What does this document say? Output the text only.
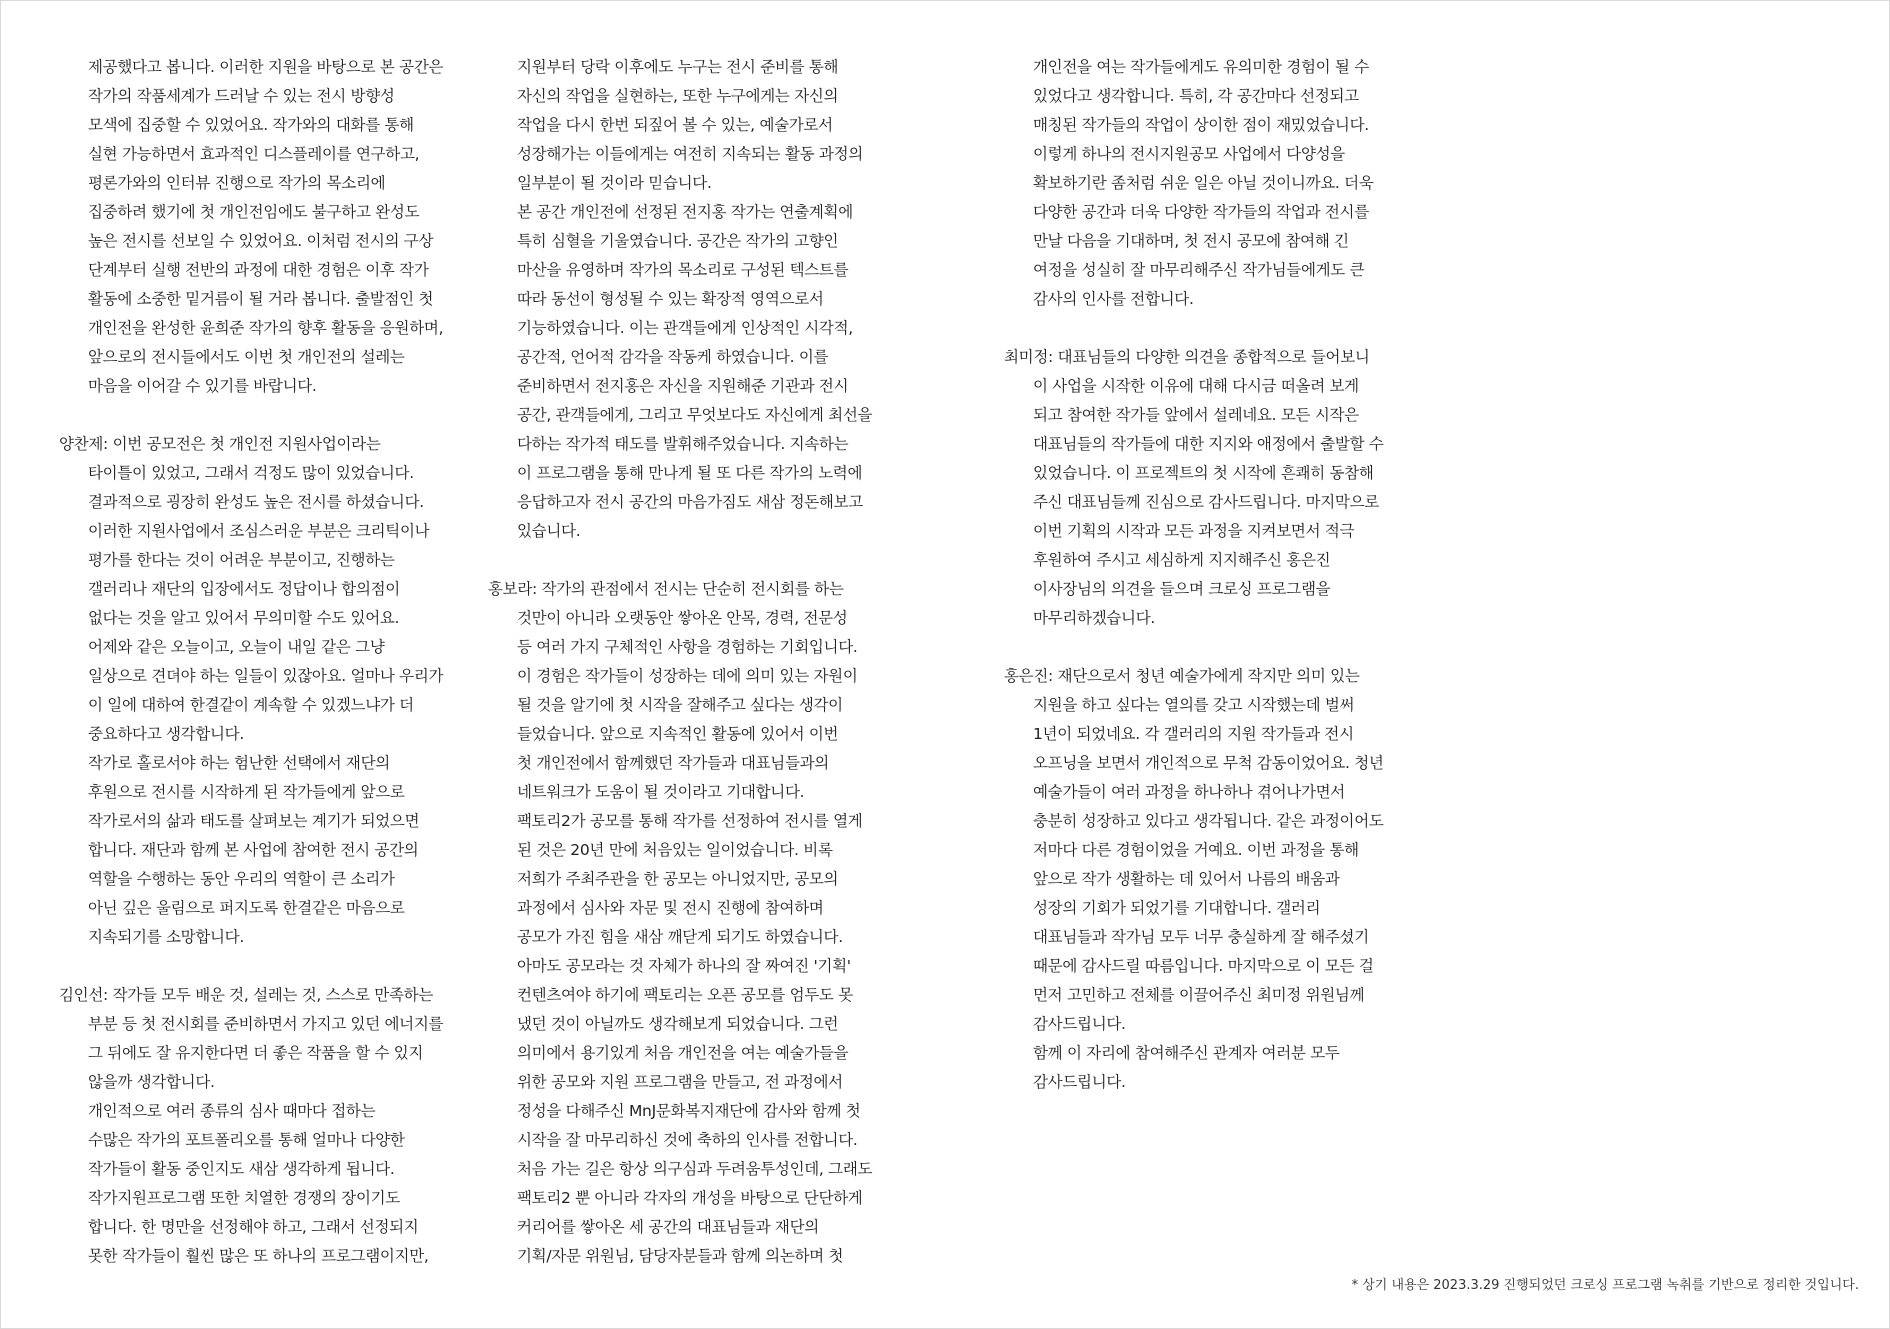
제공했다고 봅니다. 이러한 지원을 바탕으로 본 공간은
작가의 작품세계가 드러날 수 있는 전시 방향성
모색에 집중할 수 있었어요. 작가와의 대화를 통해
실현 가능하면서 효과적인 디스플레이를 연구하고,
평론가와의 인터뷰 진행으로 작가의 목소리에
집중하려 했기에 첫 개인전임에도 불구하고 완성도
높은 전시를 선보일 수 있었어요. 이처럼 전시의 구상
단계부터 실행 전반의 과정에 대한 경험은 이후 작가
활동에 소중한 밑거름이 될 거라 봅니다. 출발점인 첫
개인전을 완성한 윤희준 작가의 향후 활동을 응원하며,
앞으로의 전시들에서도 이번 첫 개인전의 설레는
마음을 이어갈 수 있기를 바랍니다.
양찬제: 이번 공모전은 첫 개인전 지원사업이라는
타이틀이 있었고, 그래서 걱정도 많이 있었습니다.
결과적으로 굉장히 완성도 높은 전시를 하셨습니다.
이러한 지원사업에서 조심스러운 부분은 크리틱이나
평가를 한다는 것이 어려운 부분이고, 진행하는
갤러리나 재단의 입장에서도 정답이나 합의점이
없다는 것을 알고 있어서 무의미할 수도 있어요.
어제와 같은 오늘이고, 오늘이 내일 같은 그냥
일상으로 견뎌야 하는 일들이 있잖아요. 얼마나 우리가
이 일에 대하여 한결같이 계속할 수 있겠느냐가 더
중요하다고 생각합니다.
작가로 홀로서야 하는 험난한 선택에서 재단의
후원으로 전시를 시작하게 된 작가들에게 앞으로
작가로서의 삶과 태도를 살펴보는 계기가 되었으면
합니다. 재단과 함께 본 사업에 참여한 전시 공간의
역할을 수행하는 동안 우리의 역할이 큰 소리가
아닌 깊은 울림으로 퍼지도록 한결같은 마음으로
지속되기를 소망합니다.
김인선: 작가들 모두 배운 것, 설레는 것, 스스로 만족하는
부분 등 첫 전시회를 준비하면서 가지고 있던 에너지를
그 뒤에도 잘 유지한다면 더 좋은 작품을 할 수 있지
않을까 생각합니다.
개인적으로 여러 종류의 심사 때마다 접하는
수많은 작가의 포트폴리오를 통해 얼마나 다양한
작가들이 활동 중인지도 새삼 생각하게 됩니다.
작가지원프로그램 또한 치열한 경쟁의 장이기도
합니다. 한 명만을 선정해야 하고, 그래서 선정되지
못한 작가들이 훨씬 많은 또 하나의 프로그램이지만,
지원부터 당락 이후에도 누구는 전시 준비를 통해
자신의 작업을 실현하는, 또한 누구에게는 자신의
작업을 다시 한번 되짚어 볼 수 있는, 예술가로서
성장해가는 이들에게는 여전히 지속되는 활동 과정의
일부분이 될 것이라 믿습니다.
본 공간 개인전에 선정된 전지홍 작가는 연출계획에
특히 심혈을 기울였습니다. 공간은 작가의 고향인
마산을 유영하며 작가의 목소리로 구성된 텍스트를
따라 동선이 형성될 수 있는 확장적 영역으로서
기능하였습니다. 이는 관객들에게 인상적인 시각적,
공간적, 언어적 감각을 작동케 하였습니다. 이를
준비하면서 전지홍은 자신을 지원해준 기관과 전시
공간, 관객들에게, 그리고 무엇보다도 자신에게 최선을
다하는 작가적 태도를 발휘해주었습니다. 지속하는
이 프로그램을 통해 만나게 될 또 다른 작가의 노력에
응답하고자 전시 공간의 마음가짐도 새삼 정돈해보고
있습니다.
홍보라: 작가의 관점에서 전시는 단순히 전시회를 하는
것만이 아니라 오랫동안 쌓아온 안목, 경력, 전문성
등 여러 가지 구체적인 사항을 경험하는 기회입니다.
이 경험은 작가들이 성장하는 데에 의미 있는 자원이
될 것을 알기에 첫 시작을 잘해주고 싶다는 생각이
들었습니다. 앞으로 지속적인 활동에 있어서 이번
첫 개인전에서 함께했던 작가들과 대표님들과의
네트워크가 도움이 될 것이라고 기대합니다.
팩토리2가 공모를 통해 작가를 선정하여 전시를 열게
된 것은 20년 만에 처음있는 일이었습니다. 비록
저희가 주최주관을 한 공모는 아니었지만, 공모의
과정에서 심사와 자문 및 전시 진행에 참여하며
공모가 가진 힘을 새삼 깨닫게 되기도 하였습니다.
아마도 공모라는 것 자체가 하나의 잘 짜여진 '기획'
컨텐츠여야 하기에 팩토리는 오픈 공모를 엄두도 못
냈던 것이 아닐까도 생각해보게 되었습니다. 그런
의미에서 용기있게 처음 개인전을 여는 예술가들을
위한 공모와 지원 프로그램을 만들고, 전 과정에서
정성을 다해주신 MnJ문화복지재단에 감사와 함께 첫
시작을 잘 마무리하신 것에 축하의 인사를 전합니다.
처음 가는 길은 항상 의구심과 두려움투성인데, 그래도
팩토리2 뿐 아니라 각자의 개성을 바탕으로 단단하게
커리어를 쌓아온 세 공간의 대표님들과 재단의
기획/자문 위원님, 담당자분들과 함께 의논하며 첫
개인전을 여는 작가들에게도 유의미한 경험이 될 수
있었다고 생각합니다. 특히, 각 공간마다 선정되고
매칭된 작가들의 작업이 상이한 점이 재밌었습니다.
이렇게 하나의 전시지원공모 사업에서 다양성을
확보하기란 좀처럼 쉬운 일은 아닐 것이니까요. 더욱
다양한 공간과 더욱 다양한 작가들의 작업과 전시를
만날 다음을 기대하며, 첫 전시 공모에 참여해 긴
여정을 성실히 잘 마무리해주신 작가님들에게도 큰
감사의 인사를 전합니다.
최미정: 대표님들의 다양한 의견을 종합적으로 들어보니
이 사업을 시작한 이유에 대해 다시금 떠올려 보게
되고 참여한 작가들 앞에서 설레네요. 모든 시작은
대표님들의 작가들에 대한 지지와 애정에서 출발할 수
있었습니다. 이 프로젝트의 첫 시작에 흔쾌히 동참해
주신 대표님들께 진심으로 감사드립니다. 마지막으로
이번 기획의 시작과 모든 과정을 지켜보면서 적극
후원하여 주시고 세심하게 지지해주신 홍은진
이사장님의 의견을 들으며 크로싱 프로그램을
마무리하겠습니다.
홍은진: 재단으로서 청년 예술가에게 작지만 의미 있는
지원을 하고 싶다는 열의를 갖고 시작했는데 벌써
1년이 되었네요. 각 갤러리의 지원 작가들과 전시
오프닝을 보면서 개인적으로 무척 감동이었어요. 청년
예술가들이 여러 과정을 하나하나 겪어나가면서
충분히 성장하고 있다고 생각됩니다. 같은 과정이어도
저마다 다른 경험이었을 거예요. 이번 과정을 통해
앞으로 작가 생활하는 데 있어서 나름의 배움과
성장의 기회가 되었기를 기대합니다. 갤러리
대표님들과 작가님 모두 너무 충실하게 잘 해주셨기
때문에 감사드릴 따름입니다. 마지막으로 이 모든 걸
먼저 고민하고 전체를 이끌어주신 최미정 위원님께
감사드립니다.
함께 이 자리에 참여해주신 관계자 여러분 모두
감사드립니다.
* 상기 내용은 2023.3.29 진행되었던 크로싱 프로그램 녹취를 기반으로 정리한 것입니다.
